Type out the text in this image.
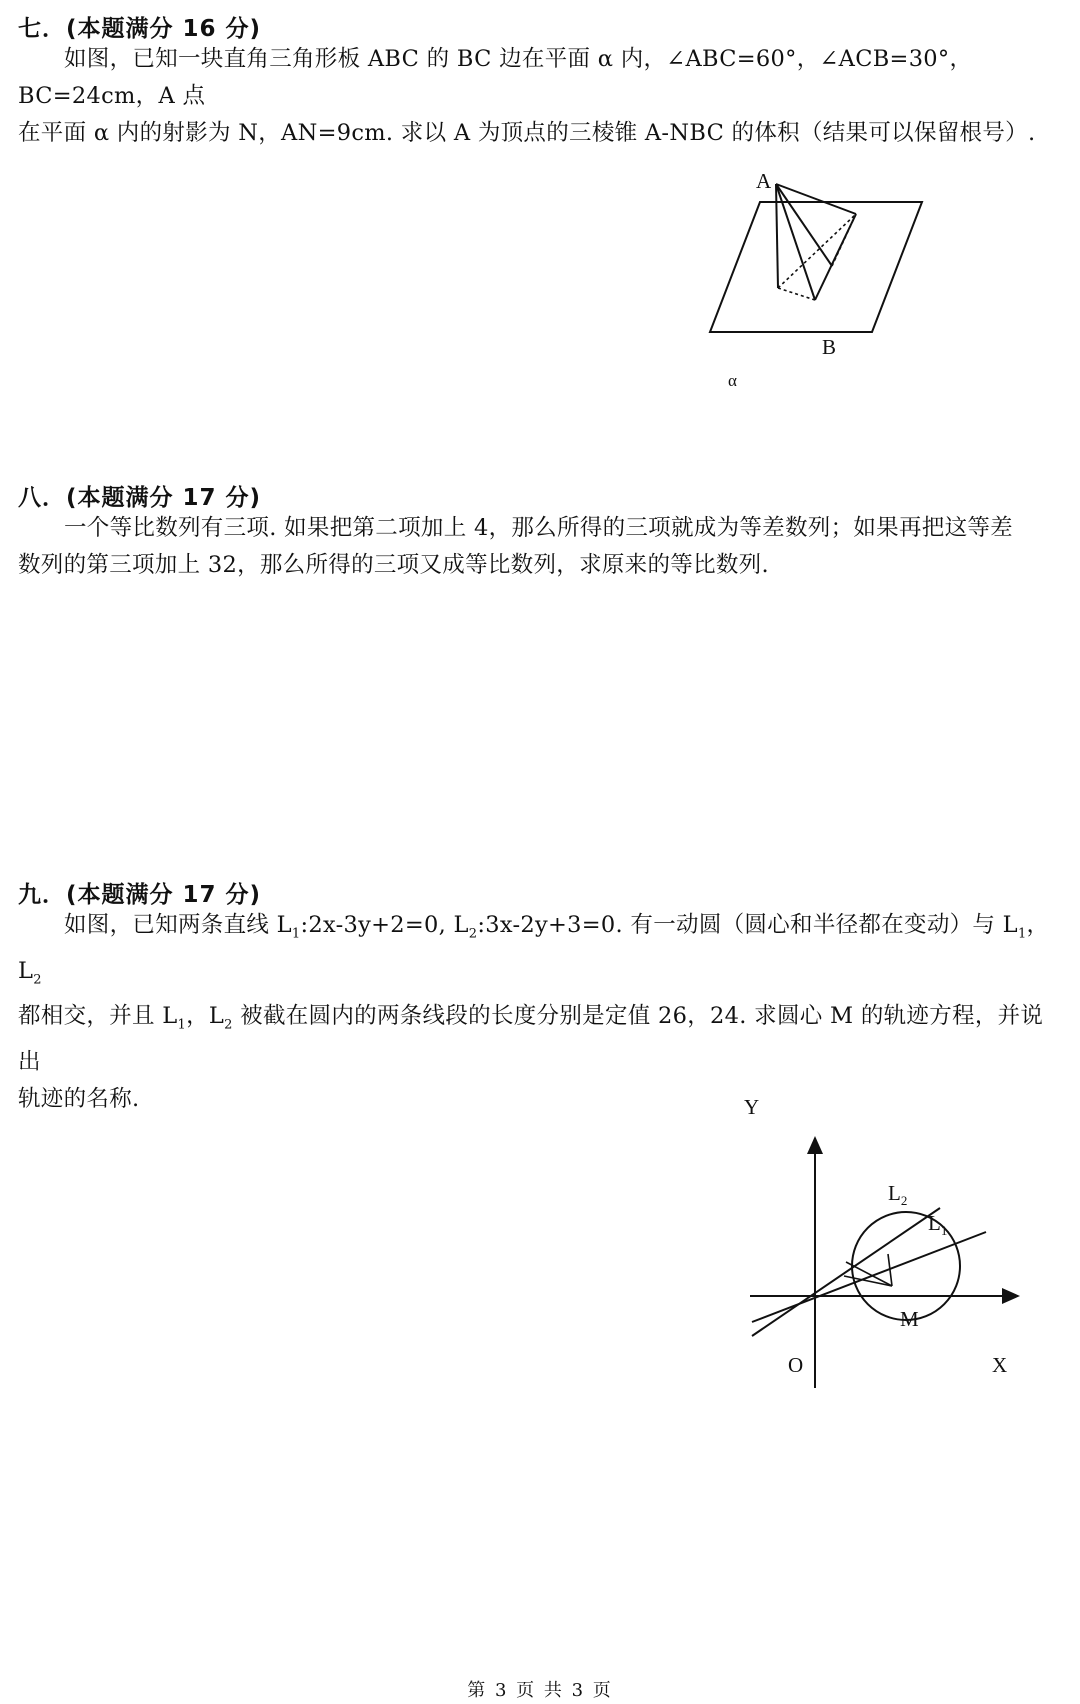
七．(本题满分 16 分)

如图，已知一块直角三角形板 ABC 的 BC 边在平面 α 内，∠ABC=60°，∠ACB=30°，BC=24cm，A 点

在平面 α 内的射影为 N，AN=9cm. 求以 A 为顶点的三棱锥 A-NBC 的体积（结果可以保留根号）.

A
B
α
八．(本题满分 17 分)

一个等比数列有三项. 如果把第二项加上 4，那么所得的三项就成为等差数列；如果再把这等差

数列的第三项加上 32，那么所得的三项又成等比数列，求原来的等比数列.

九．(本题满分 17 分)

如图，已知两条直线 $L_1:2x-3y+2=0$, $L_2:3x-2y+3=0$. 有一动圆（圆心和半径都在变动）与 $L_1$，$L_2$

都相交，并且 $L_1$，$L_2$ 被截在圆内的两条线段的长度分别是定值 26，24. 求圆心 M 的轨迹方程，并说出

轨迹的名称.	Y
X
O
M
$L_2$
$L_1$
第 3 页 共 3 页
